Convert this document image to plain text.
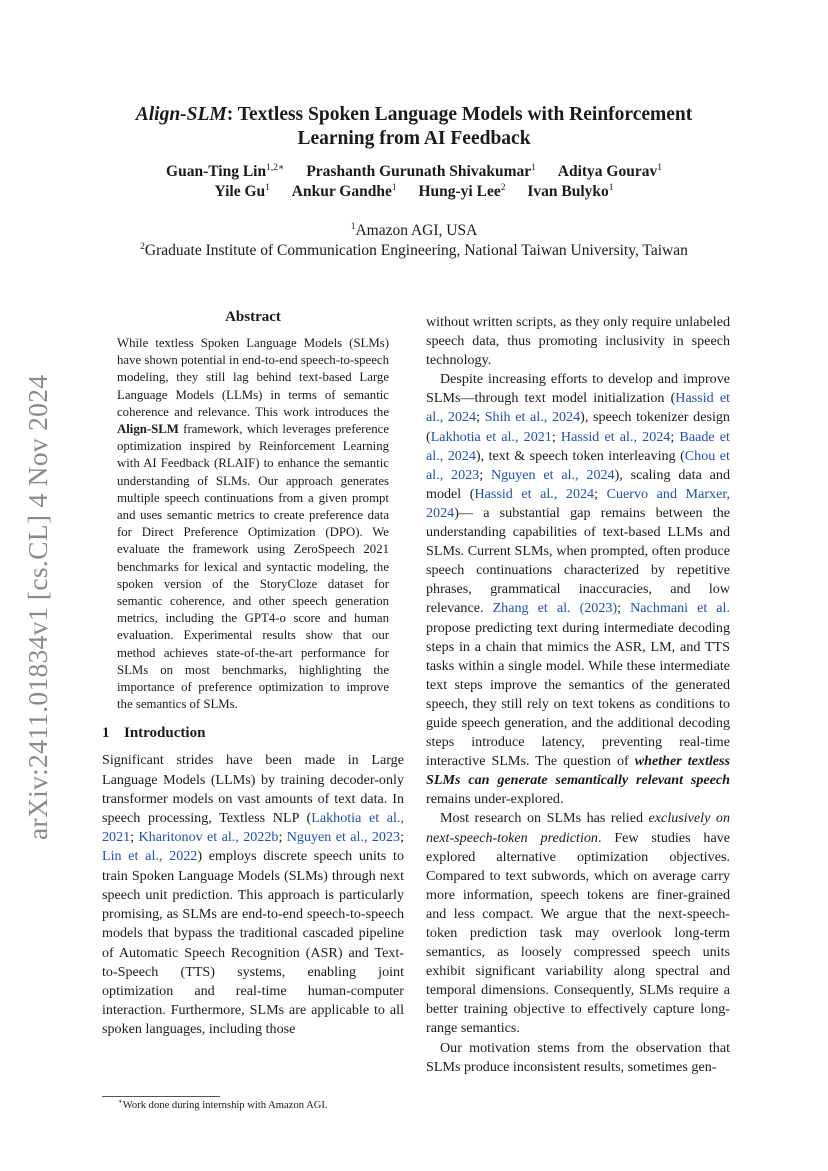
arXiv:2411.01834v1 [cs.CL] 4 Nov 2024
Align-SLM: Textless Spoken Language Models with Reinforcement
Learning from AI Feedback
Guan-Ting Lin$^{1,2∗}$ Prashanth Gurunath Shivakumar$^1$ Aditya Gourav$^1$
Yile Gu$^1$ Ankur Gandhe$^1$ Hung-yi Lee$^2$ Ivan Bulyko$^1$
$^1$Amazon AGI, USA
$^2$Graduate Institute of Communication Engineering, National Taiwan University, Taiwan
Abstract
While textless Spoken Language Models (SLMs) have shown potential in end-to-end speech-to-speech modeling, they still lag behind text-based Large Language Models (LLMs) in terms of semantic coherence and relevance. This work introduces the Align-SLM framework, which leverages preference optimization inspired by Reinforcement Learning with AI Feedback (RLAIF) to enhance the semantic understanding of SLMs. Our approach generates multiple speech continuations from a given prompt and uses semantic metrics to create preference data for Direct Preference Optimization (DPO). We evaluate the framework using ZeroSpeech 2021 benchmarks for lexical and syntactic modeling, the spoken version of the StoryCloze dataset for semantic coherence, and other speech generation metrics, including the GPT4-o score and human evaluation. Experimental results show that our method achieves state-of-the-art performance for SLMs on most benchmarks, highlighting the importance of preference optimization to improve the semantics of SLMs.
1 Introduction
Significant strides have been made in Large Language Models (LLMs) by training decoder-only transformer models on vast amounts of text data. In speech processing, Textless NLP (Lakhotia et al., 2021; Kharitonov et al., 2022b; Nguyen et al., 2023; Lin et al., 2022) employs discrete speech units to train Spoken Language Models (SLMs) through next speech unit prediction. This approach is particularly promising, as SLMs are end-to-end speech-to-speech models that bypass the traditional cascaded pipeline of Automatic Speech Recognition (ASR) and Text-to-Speech (TTS) systems, enabling joint optimization and real-time human-computer interaction. Furthermore, SLMs are applicable to all spoken languages, including those
without written scripts, as they only require unlabeled speech data, thus promoting inclusivity in speech technology.
Despite increasing efforts to develop and improve SLMs—through text model initialization (Hassid et al., 2024; Shih et al., 2024), speech tokenizer design (Lakhotia et al., 2021; Hassid et al., 2024; Baade et al., 2024), text & speech token interleaving (Chou et al., 2023; Nguyen et al., 2024), scaling data and model (Hassid et al., 2024; Cuervo and Marxer, 2024)— a substantial gap remains between the understanding capabilities of text-based LLMs and SLMs. Current SLMs, when prompted, often produce speech continuations characterized by repetitive phrases, grammatical inaccuracies, and low relevance. Zhang et al. (2023); Nachmani et al. propose predicting text during intermediate decoding steps in a chain that mimics the ASR, LM, and TTS tasks within a single model. While these intermediate text steps improve the semantics of the generated speech, they still rely on text tokens as conditions to guide speech generation, and the additional decoding steps introduce latency, preventing real-time interactive SLMs. The question of whether textless SLMs can generate semantically relevant speech remains under-explored.
Most research on SLMs has relied exclusively on next-speech-token prediction. Few studies have explored alternative optimization objectives. Compared to text subwords, which on average carry more information, speech tokens are finer-grained and less compact. We argue that the next-speech-token prediction task may overlook long-term semantics, as loosely compressed speech units exhibit significant variability along spectral and temporal dimensions. Consequently, SLMs require a better training objective to effectively capture long-range semantics.
Our motivation stems from the observation that SLMs produce inconsistent results, sometimes gen-
∗Work done during internship with Amazon AGI.
